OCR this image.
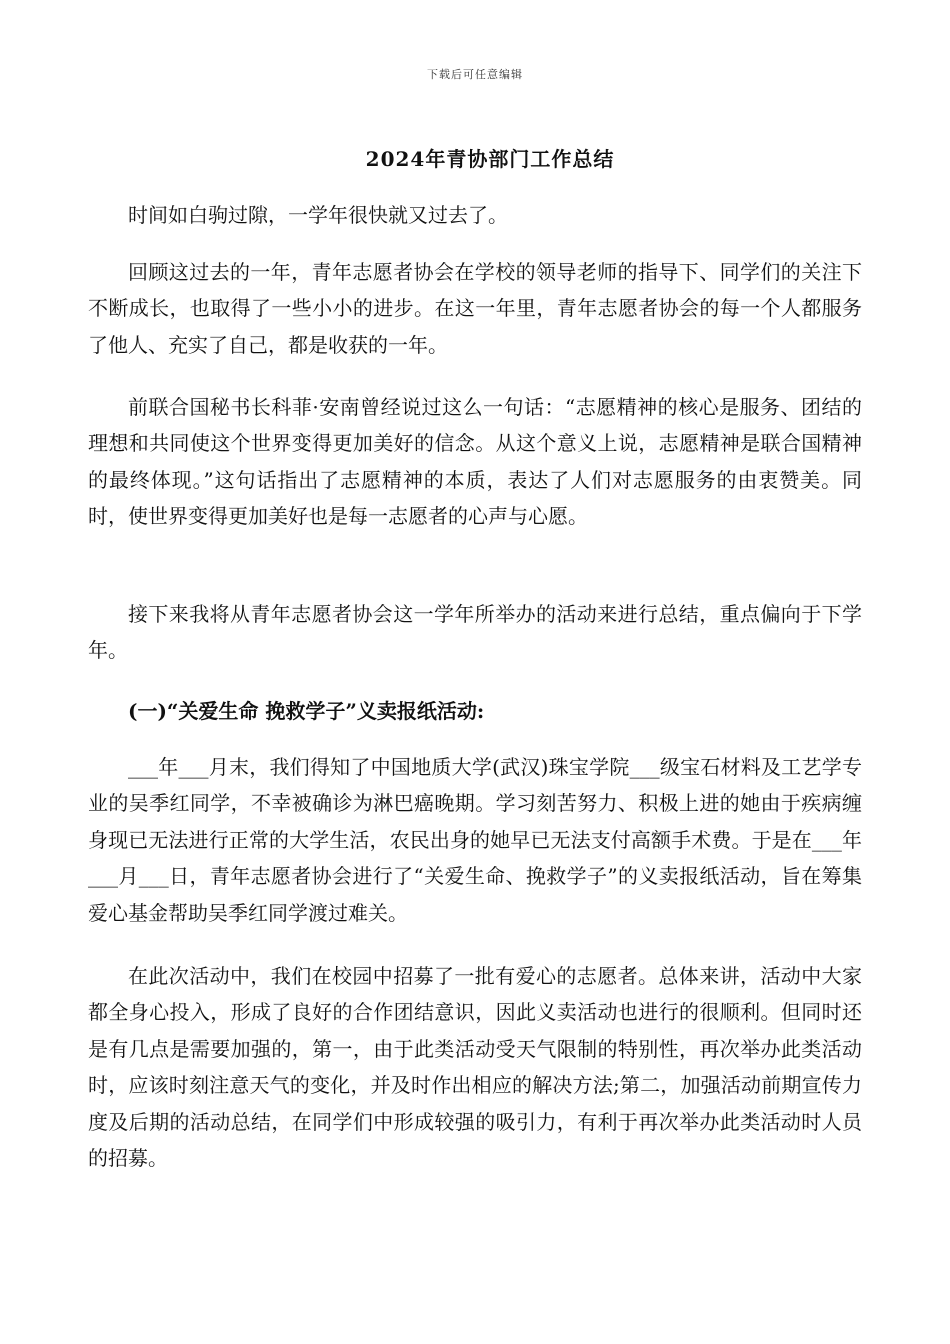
下载后可任意编辑
2024年青协部门工作总结

时间如白驹过隙，一学年很快就又过去了。

回顾这过去的一年，青年志愿者协会在学校的领导老师的指导下、同学们的关注下不断成长，也取得了一些小小的进步。在这一年里，青年志愿者协会的每一个人都服务了他人、充实了自己，都是收获的一年。

前联合国秘书长科菲·安南曾经说过这么一句话：“志愿精神的核心是服务、团结的理想和共同使这个世界变得更加美好的信念。从这个意义上说，志愿精神是联合国精神的最终体现。”这句话指出了志愿精神的本质，表达了人们对志愿服务的由衷赞美。同时，使世界变得更加美好也是每一志愿者的心声与心愿。

接下来我将从青年志愿者协会这一学年所举办的活动来进行总结，重点偏向于下学年。

(一)“关爱生命 挽救学子”义卖报纸活动:

___年___月末，我们得知了中国地质大学(武汉)珠宝学院___级宝石材料及工艺学专业的吴季红同学，不幸被确诊为淋巴癌晚期。学习刻苦努力、积极上进的她由于疾病缠身现已无法进行正常的大学生活，农民出身的她早已无法支付高额手术费。于是在___年___月___日，青年志愿者协会进行了“关爱生命、挽救学子”的义卖报纸活动，旨在筹集爱心基金帮助吴季红同学渡过难关。

在此次活动中，我们在校园中招募了一批有爱心的志愿者。总体来讲，活动中大家都全身心投入，形成了良好的合作团结意识，因此义卖活动也进行的很顺利。但同时还是有几点是需要加强的，第一，由于此类活动受天气限制的特别性，再次举办此类活动时，应该时刻注意天气的变化，并及时作出相应的解决方法;第二，加强活动前期宣传力度及后期的活动总结，在同学们中形成较强的吸引力，有利于再次举办此类活动时人员的招募。
